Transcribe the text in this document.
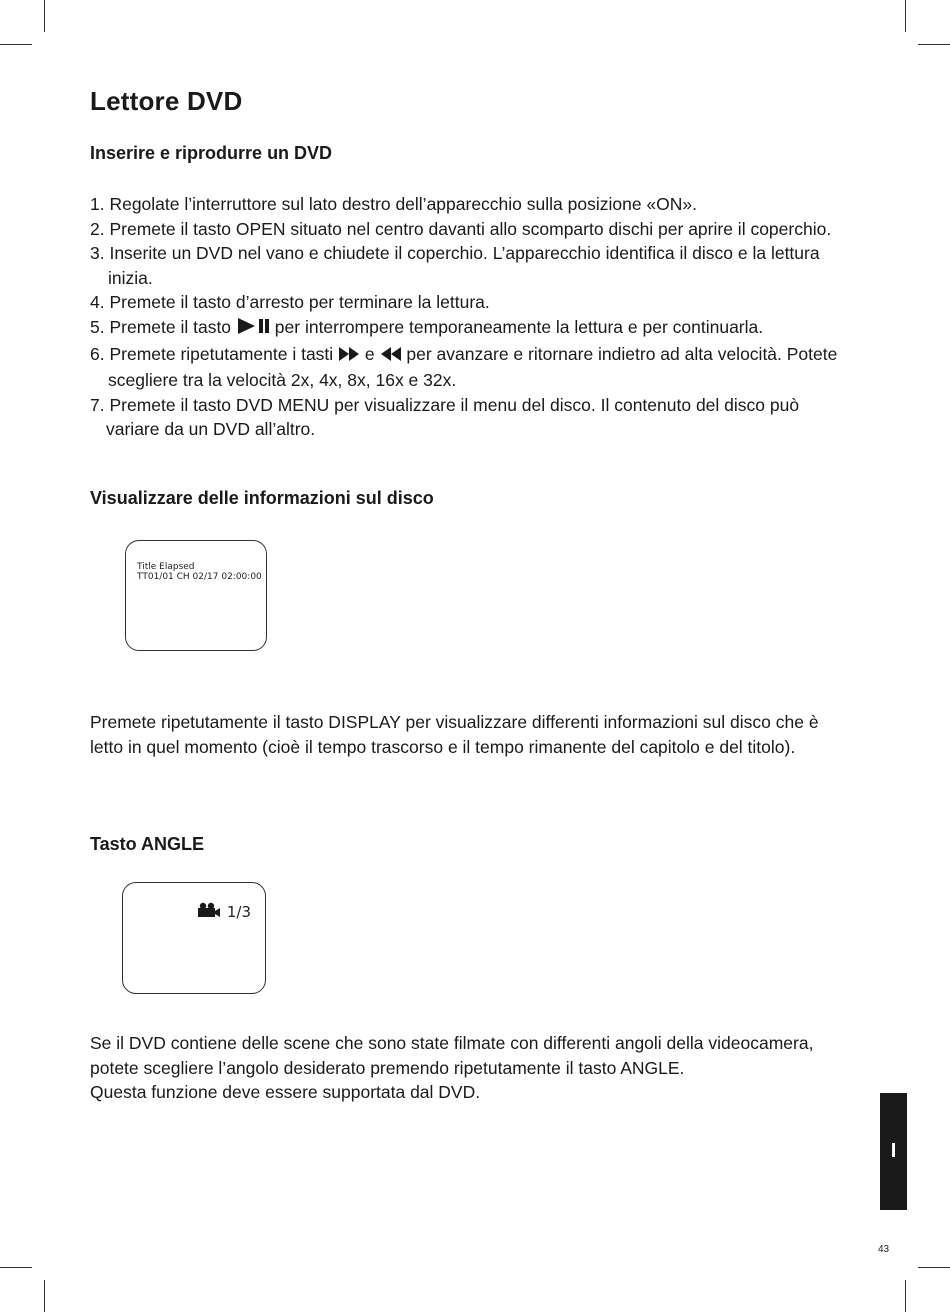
Lettore DVD
Inserire e riprodurre un DVD
1. Regolate l’interruttore sul lato destro dell’apparecchio sulla posizione «ON».
2. Premete il tasto OPEN situato nel centro davanti allo scomparto dischi per aprire il coperchio.
3. Inserite un DVD nel vano e chiudete il coperchio. L’apparecchio identifica il disco e la lettura
inizia.
4. Premete il tasto d’arresto per terminare la lettura.
5. Premete il tasto	per interrompere temporaneamente la lettura e per continuarla.
6. Premete ripetutamente i tasti e per avanzare e ritornare indietro ad alta velocità. Potete
scegliere tra la velocità 2x, 4x, 8x, 16x e 32x.
7. Premete il tasto DVD MENU per visualizzare il menu del disco. Il contenuto del disco può
variare da un DVD all’altro.
Visualizzare delle informazioni sul disco
Title Elapsed
TT01/01 CH 02/17 02:00:00
Premete ripetutamente il tasto DISPLAY per visualizzare differenti informazioni sul disco che è
letto in quel momento (cioè il tempo trascorso e il tempo rimanente del capitolo e del titolo).
Tasto ANGLE
1/3
Se il DVD contiene delle scene che sono state filmate con differenti angoli della videocamera,
potete scegliere l’angolo desiderato premendo ripetutamente il tasto ANGLE.
Questa funzione deve essere supportata dal DVD.
I
43
